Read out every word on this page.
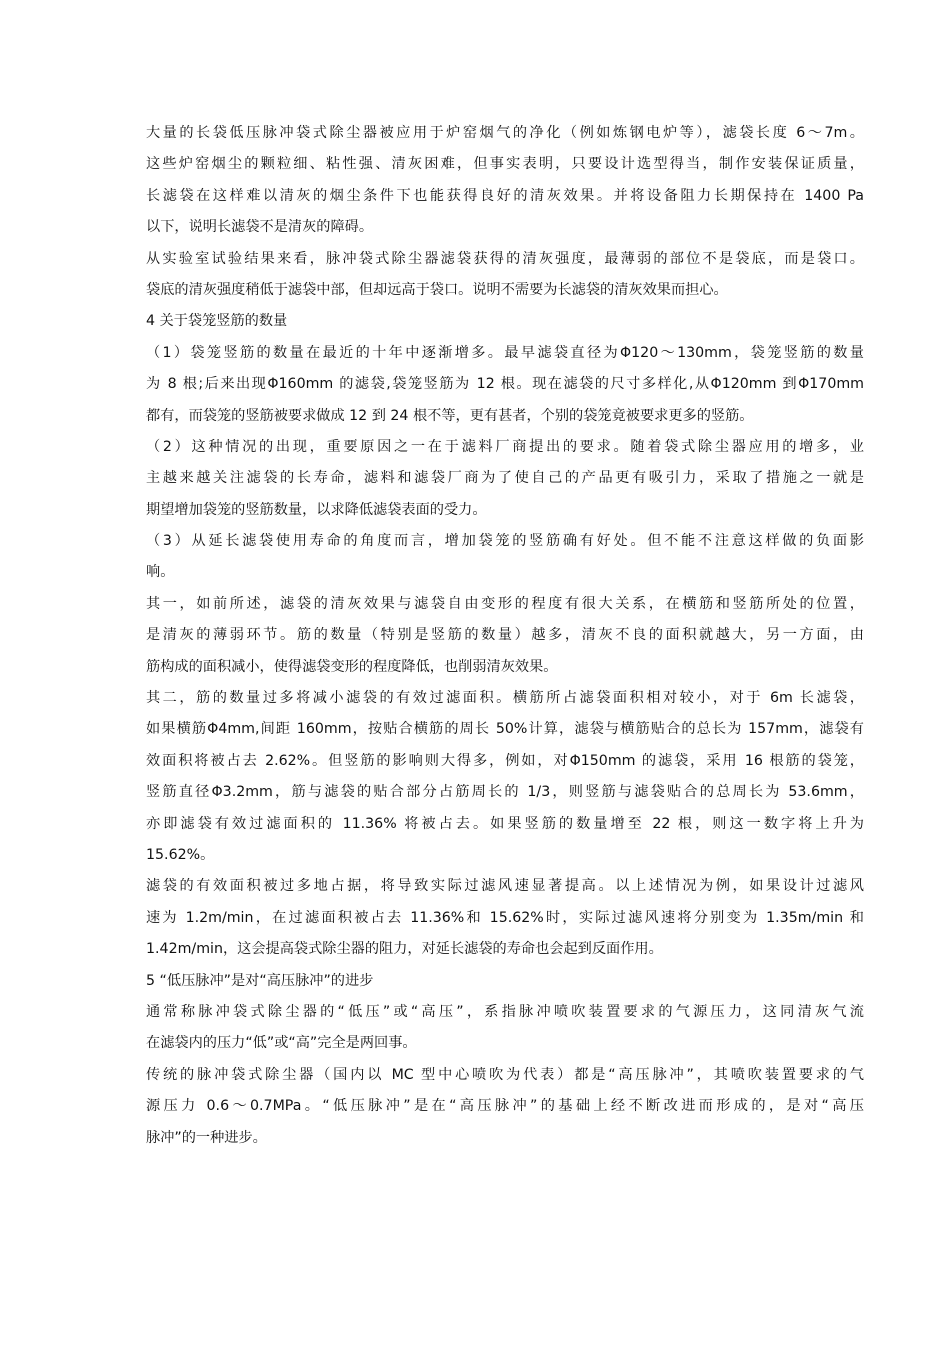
大量的长袋低压脉冲袋式除尘器被应用于炉窑烟气的净化（例如炼钢电炉等），滤袋长度 6～7m。
这些炉窑烟尘的颗粒细、粘性强、清灰困难，但事实表明，只要设计选型得当，制作安装保证质量，
长滤袋在这样难以清灰的烟尘条件下也能获得良好的清灰效果。并将设备阻力长期保持在 1400 Pa
以下，说明长滤袋不是清灰的障碍。
从实验室试验结果来看，脉冲袋式除尘器滤袋获得的清灰强度，最薄弱的部位不是袋底，而是袋口。
袋底的清灰强度稍低于滤袋中部，但却远高于袋口。说明不需要为长滤袋的清灰效果而担心。
4 关于袋笼竖筋的数量
（1）袋笼竖筋的数量在最近的十年中逐渐增多。最早滤袋直径为Φ120～130mm，袋笼竖筋的数量
为 8 根;后来出现Φ160mm 的滤袋,袋笼竖筋为 12 根。现在滤袋的尺寸多样化,从Φ120mm 到Φ170mm
都有，而袋笼的竖筋被要求做成 12 到 24 根不等，更有甚者，个别的袋笼竟被要求更多的竖筋。
（2）这种情况的出现，重要原因之一在于滤料厂商提出的要求。随着袋式除尘器应用的增多，业
主越来越关注滤袋的长寿命，滤料和滤袋厂商为了使自己的产品更有吸引力，采取了措施之一就是
期望增加袋笼的竖筋数量，以求降低滤袋表面的受力。
（3）从延长滤袋使用寿命的角度而言，增加袋笼的竖筋确有好处。但不能不注意这样做的负面影
响。
其一，如前所述，滤袋的清灰效果与滤袋自由变形的程度有很大关系，在横筋和竖筋所处的位置，
是清灰的薄弱环节。筋的数量（特别是竖筋的数量）越多，清灰不良的面积就越大，另一方面，由
筋构成的面积减小，使得滤袋变形的程度降低，也削弱清灰效果。
其二，筋的数量过多将减小滤袋的有效过滤面积。横筋所占滤袋面积相对较小，对于 6m 长滤袋，
如果横筋Φ4mm,间距 160mm，按贴合横筋的周长 50%计算，滤袋与横筋贴合的总长为 157mm，滤袋有
效面积将被占去 2.62%。但竖筋的影响则大得多，例如，对Φ150mm 的滤袋，采用 16 根筋的袋笼，
竖筋直径Φ3.2mm，筋与滤袋的贴合部分占筋周长的 1/3，则竖筋与滤袋贴合的总周长为 53.6mm，
亦即滤袋有效过滤面积的 11.36% 将被占去。如果竖筋的数量增至 22 根，则这一数字将上升为
15.62%。
滤袋的有效面积被过多地占据，将导致实际过滤风速显著提高。以上述情况为例，如果设计过滤风
速为 1.2m/min，在过滤面积被占去 11.36%和 15.62%时，实际过滤风速将分别变为 1.35m/min 和
1.42m/min，这会提高袋式除尘器的阻力，对延长滤袋的寿命也会起到反面作用。
5 “低压脉冲”是对“高压脉冲”的进步
通常称脉冲袋式除尘器的“低压”或“高压”，系指脉冲喷吹装置要求的气源压力，这同清灰气流
在滤袋内的压力“低”或“高”完全是两回事。
传统的脉冲袋式除尘器（国内以 MC 型中心喷吹为代表）都是“高压脉冲”，其喷吹装置要求的气
源压力 0.6～0.7MPa。“低压脉冲”是在“高压脉冲”的基础上经不断改进而形成的，是对“高压
脉冲”的一种进步。
